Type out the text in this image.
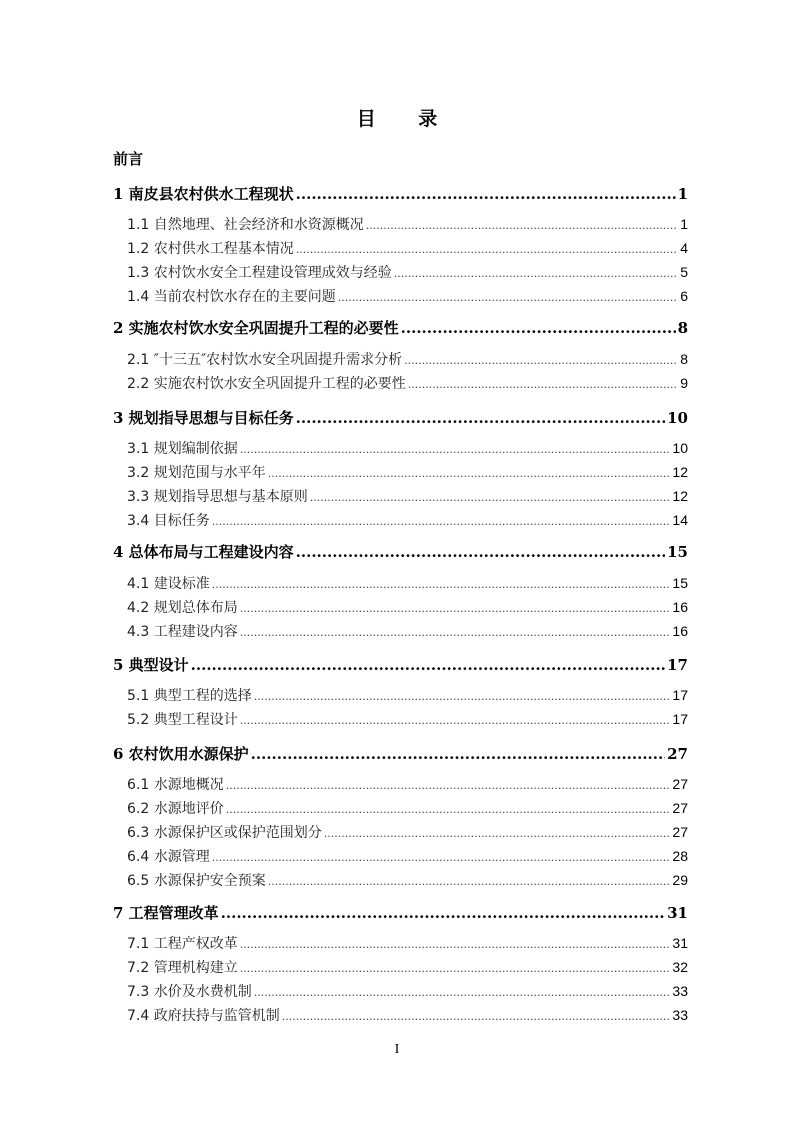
目 录
前言
1 南皮县农村供水工程现状 .....	1
1.1 自然地理、社会经济和水资源概况 .....	1
1.2 农村供水工程基本情况 .....	4
1.3 农村饮水安全工程建设管理成效与经验 .....	5
1.4 当前农村饮水存在的主要问题 .....	6
2 实施农村饮水安全巩固提升工程的必要性 .....	8
2.1 ″十三五″农村饮水安全巩固提升需求分析 .....	8
2.2 实施农村饮水安全巩固提升工程的必要性 .....	9
3 规划指导思想与目标任务 .....	10
3.1 规划编制依据 .....	10
3.2 规划范围与水平年 .....	12
3.3 规划指导思想与基本原则 .....	12
3.4 目标任务 .....	14
4 总体布局与工程建设内容 .....	15
4.1 建设标准 .....	15
4.2 规划总体布局 .....	16
4.3 工程建设内容 .....	16
5 典型设计 .....	17
5.1 典型工程的选择 .....	17
5.2 典型工程设计 .....	17
6 农村饮用水源保护 .....	27
6.1 水源地概况 .....	27
6.2 水源地评价 .....	27
6.3 水源保护区或保护范围划分 .....	27
6.4 水源管理 .....	28
6.5 水源保护安全预案 .....	29
7 工程管理改革 .....	31
7.1 工程产权改革 .....	31
7.2 管理机构建立 .....	32
7.3 水价及水费机制 .....	33
7.4 政府扶持与监管机制 .....	33
I
